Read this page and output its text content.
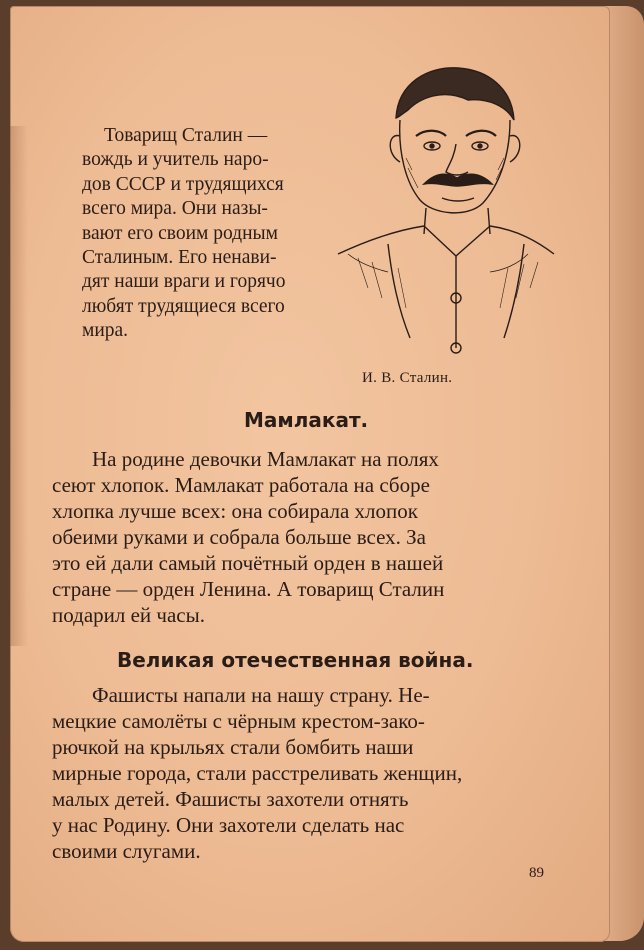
Товарищ Сталин —
вождь и учитель наро-
дов СССР и трудящихся
всего мира. Они назы-
вают его своим родным
Сталиным. Его ненави-
дят наши враги и горячо
любят трудящиеся всего
мира.
И. В. Сталин.
Мамлакат.
На родине девочки Мамлакат на полях
сеют хлопок. Мамлакат работала на сборе
хлопка лучше всех: она собирала хлопок
обеими руками и собрала больше всех. За
это ей дали самый почётный орден в нашей
стране — орден Ленина. А товарищ Сталин
подарил ей часы.
Великая отечественная война.
Фашисты напали на нашу страну. Не-
мецкие самолёты с чёрным крестом-зако-
рючкой на крыльях стали бомбить наши
мирные города, стали расстреливать женщин,
малых детей. Фашисты захотели отнять
у нас Родину. Они захотели сделать нас
своими слугами.
89
